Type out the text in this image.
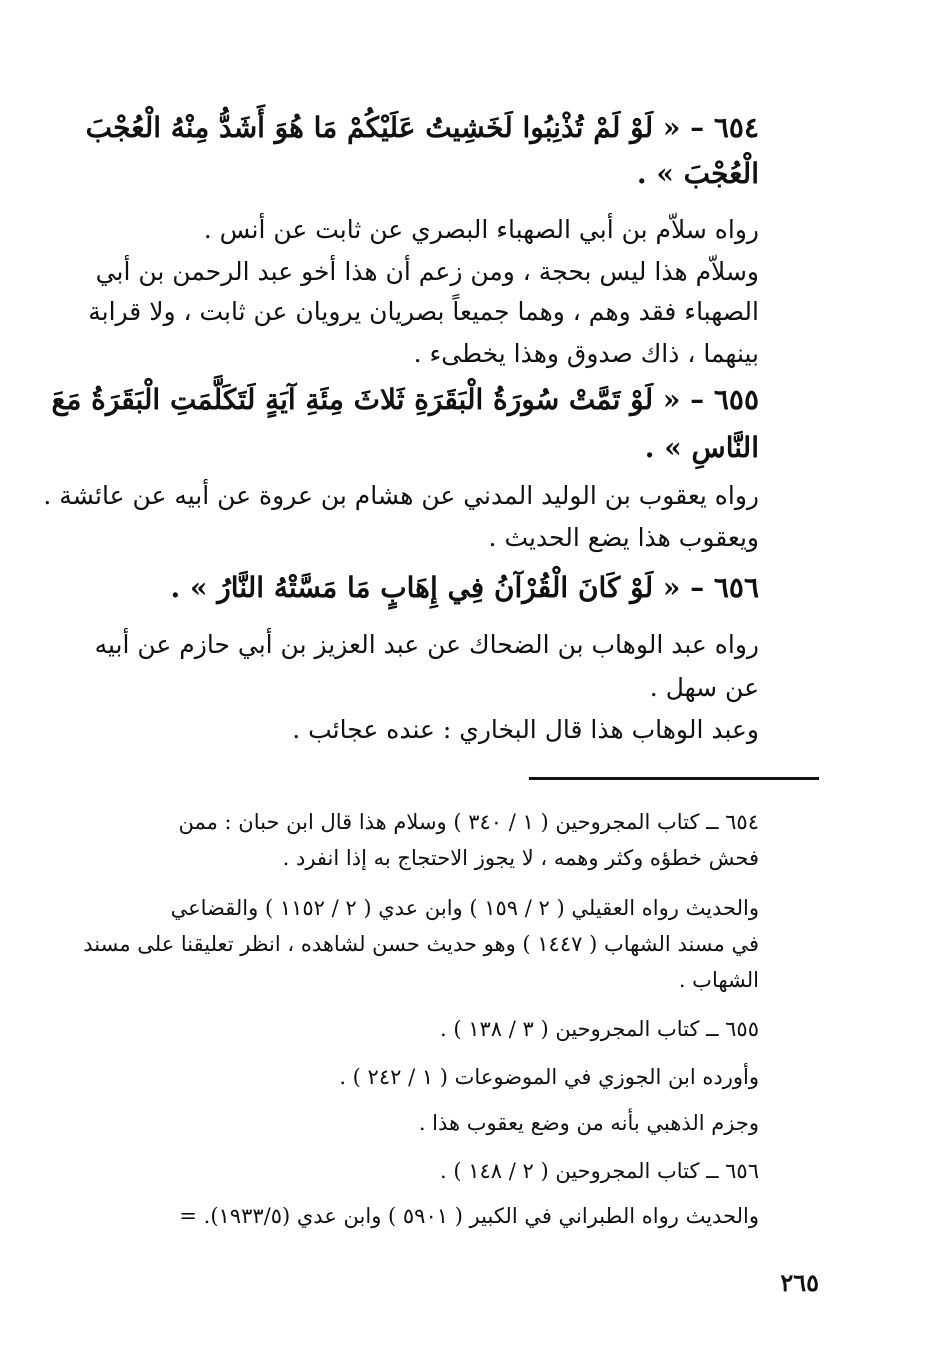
٦٥٤ – « لَوْ لَمْ تُذْنِبُوا لَخَشِيتُ عَلَيْكُمْ مَا هُوَ أَشَدُّ مِنْهُ الْعُجْبَ
الْعُجْبَ » .
رواه سلاّم بن أبي الصهباء البصري عن ثابت عن أنس .
وسلاّم هذا ليس بحجة ، ومن زعم أن هذا أخو عبد الرحمن بن أبي
الصهباء فقد وهم ، وهما جميعاً بصريان يرويان عن ثابت ، ولا قرابة
بينهما ، ذاك صدوق وهذا يخطىء .
٦٥٥ – « لَوْ تَمَّتْ سُورَةُ الْبَقَرَةِ ثَلاثَ مِئَةِ آيَةٍ لَتَكَلَّمَتِ الْبَقَرَةُ مَعَ
النَّاسِ » .
رواه يعقوب بن الوليد المدني عن هشام بن عروة عن أبيه عن عائشة .
ويعقوب هذا يضع الحديث .
٦٥٦ – « لَوْ كَانَ الْقُرْآنُ فِي إِهَابٍ مَا مَسَّتْهُ النَّارُ » .
رواه عبد الوهاب بن الضحاك عن عبد العزيز بن أبي حازم عن أبيه
عن سهل .
وعبد الوهاب هذا قال البخاري : عنده عجائب .
٦٥٤ ــ كتاب المجروحين ( ١ / ٣٤٠ ) وسلام هذا قال ابن حبان : ممن
فحش خطؤه وكثر وهمه ، لا يجوز الاحتجاج به إذا انفرد .
والحديث رواه العقيلي ( ٢ / ١٥٩ ) وابن عدي ( ٢ / ١١٥٢ ) والقضاعي
في مسند الشهاب ( ١٤٤٧ ) وهو حديث حسن لشاهده ، انظر تعليقنا على مسند
الشهاب .
٦٥٥ ــ كتاب المجروحين ( ٣ / ١٣٨ ) .
وأورده ابن الجوزي في الموضوعات ( ١ / ٢٤٢ ) .
وجزم الذهبي بأنه من وضع يعقوب هذا .
٦٥٦ ــ كتاب المجروحين ( ٢ / ١٤٨ ) .
والحديث رواه الطبراني في الكبير ( ٥٩٠١ ) وابن عدي (١٩٣٣/٥). =
٢٦٥
